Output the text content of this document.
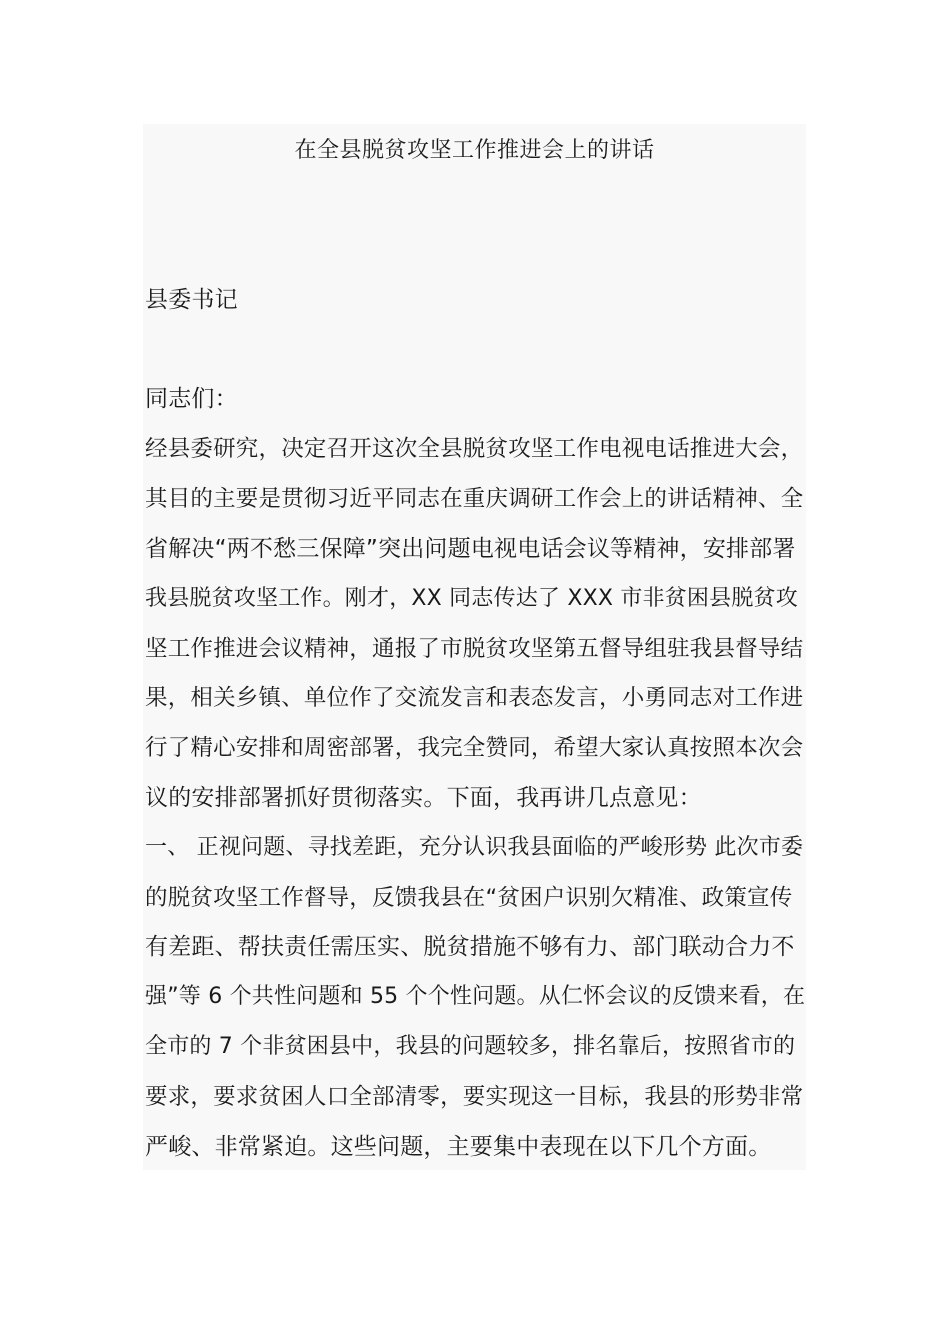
在全县脱贫攻坚工作推进会上的讲话
县委书记
同志们：
经县委研究，决定召开这次全县脱贫攻坚工作电视电话推进大会，
其目的主要是贯彻习近平同志在重庆调研工作会上的讲话精神、全
省解决“两不愁三保障”突出问题电视电话会议等精神，安排部署
我县脱贫攻坚工作。刚才，XX 同志传达了 XXX 市非贫困县脱贫攻
坚工作推进会议精神，通报了市脱贫攻坚第五督导组驻我县督导结
果，相关乡镇、单位作了交流发言和表态发言，小勇同志对工作进
行了精心安排和周密部署，我完全赞同，希望大家认真按照本次会
议的安排部署抓好贯彻落实。下面，我再讲几点意见：
一、 正视问题、寻找差距，充分认识我县面临的严峻形势 此次市委
的脱贫攻坚工作督导，反馈我县在“贫困户识别欠精准、政策宣传
有差距、帮扶责任需压实、脱贫措施不够有力、部门联动合力不
强”等 6 个共性问题和 55 个个性问题。从仁怀会议的反馈来看，在
全市的 7 个非贫困县中，我县的问题较多，排名靠后，按照省市的
要求，要求贫困人口全部清零，要实现这一目标，我县的形势非常
严峻、非常紧迫。这些问题，主要集中表现在以下几个方面。
